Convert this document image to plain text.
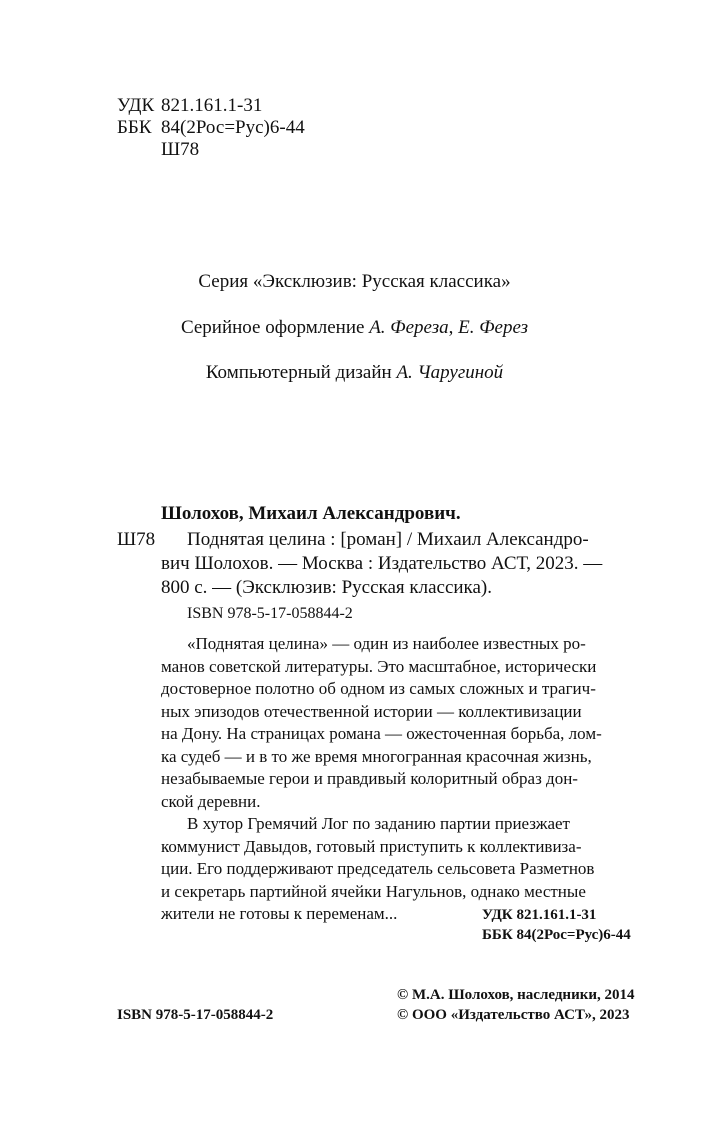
УДК 821.161.1-31
ББК 84(2Рос=Рус)6-44
Ш78
Серия «Эксклюзив: Русская классика»
Серийное оформление А. Фереза, Е. Ферез
Компьютерный дизайн А. Чаругиной
Шолохов, Михаил Александрович.
Ш78 Поднятая целина : [роман] / Михаил Александро-
вич Шолохов. — Москва : Издательство АСТ, 2023. —
800 с. — (Эксклюзив: Русская классика).
ISBN 978-5-17-058844-2
«Поднятая целина» — один из наиболее известных ро-
манов советской литературы. Это масштабное, исторически
достоверное полотно об одном из самых сложных и трагич-
ных эпизодов отечественной истории — коллективизации
на Дону. На страницах романа — ожесточенная борьба, лом-
ка судеб — и в то же время многогранная красочная жизнь,
незабываемые герои и правдивый колоритный образ дон-
ской деревни.
В хутор Гремячий Лог по заданию партии приезжает
коммунист Давыдов, готовый приступить к коллективиза-
ции. Его поддерживают председатель сельсовета Разметнов
и секретарь партийной ячейки Нагульнов, однако местные
жители не готовы к переменам...	УДК 821.161.1-31
ББК 84(2Рос=Рус)6-44
© М.А. Шолохов, наследники, 2014
ISBN 978-5-17-058844-2	© ООО «Издательство АСТ», 2023
